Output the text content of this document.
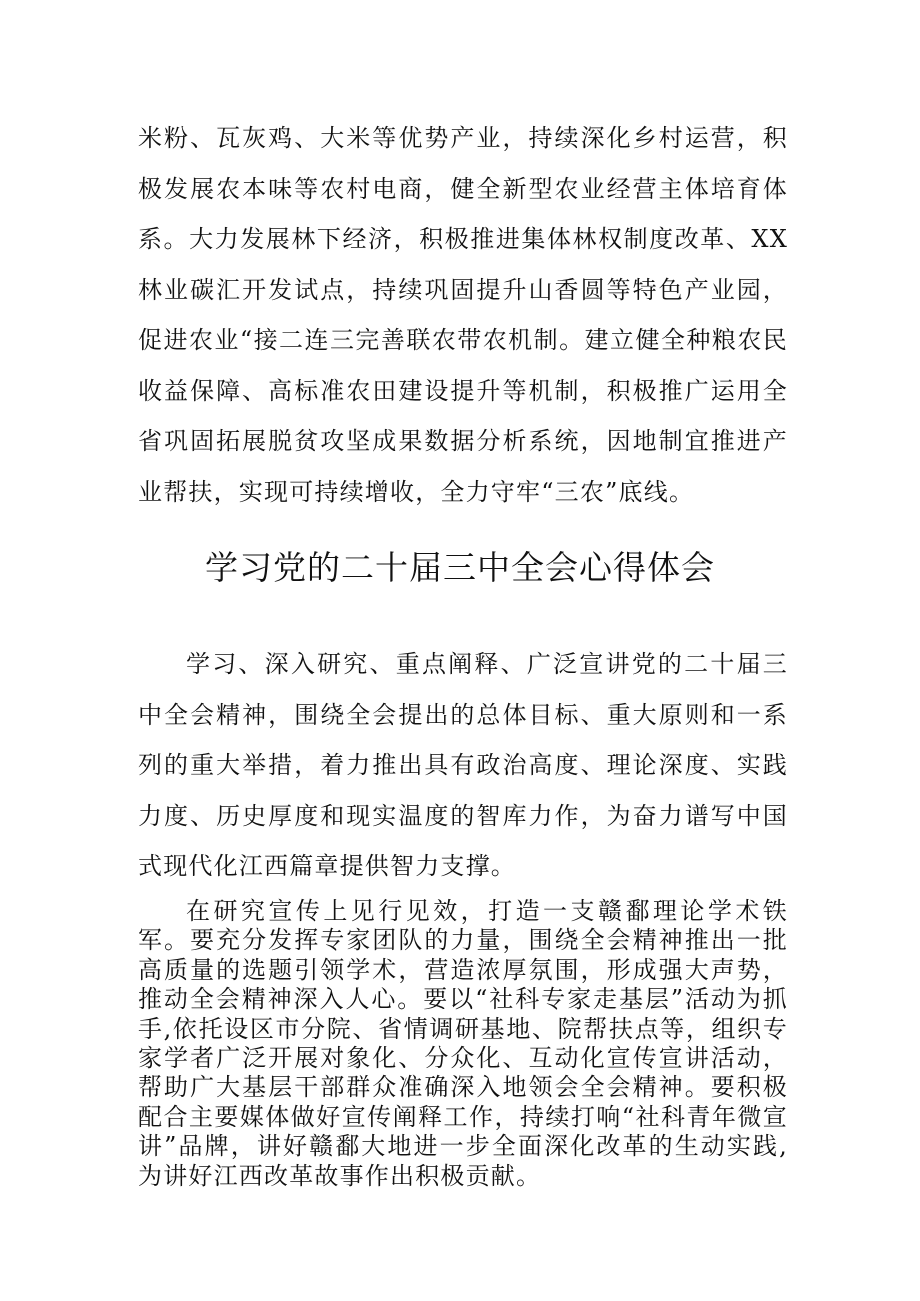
米粉、瓦灰鸡、大米等优势产业，持续深化乡村运营，积极发展农本味等农村电商，健全新型农业经营主体培育体系。大力发展林下经济，积极推进集体林权制度改革、XX林业碳汇开发试点，持续巩固提升山香圆等特色产业园，促进农业“接二连三完善联农带农机制。建立健全种粮农民收益保障、高标准农田建设提升等机制，积极推广运用全省巩固拓展脱贫攻坚成果数据分析系统，因地制宜推进产业帮扶，实现可持续增收，全力守牢“三农”底线。

学习党的二十届三中全会心得体会

学习、深入研究、重点阐释、广泛宣讲党的二十届三中全会精神，围绕全会提出的总体目标、重大原则和一系列的重大举措，着力推出具有政治高度、理论深度、实践力度、历史厚度和现实温度的智库力作，为奋力谱写中国式现代化江西篇章提供智力支撑。

在研究宣传上见行见效，打造一支赣鄱理论学术铁军。要充分发挥专家团队的力量，围绕全会精神推出一批高质量的选题引领学术，营造浓厚氛围，形成强大声势，推动全会精神深入人心。要以“社科专家走基层”活动为抓手,依托设区市分院、省情调研基地、院帮扶点等，组织专家学者广泛开展对象化、分众化、互动化宣传宣讲活动，帮助广大基层干部群众准确深入地领会全会精神。要积极配合主要媒体做好宣传阐释工作，持续打响“社科青年微宣讲”品牌，讲好赣鄱大地进一步全面深化改革的生动实践,为讲好江西改革故事作出积极贡献。
